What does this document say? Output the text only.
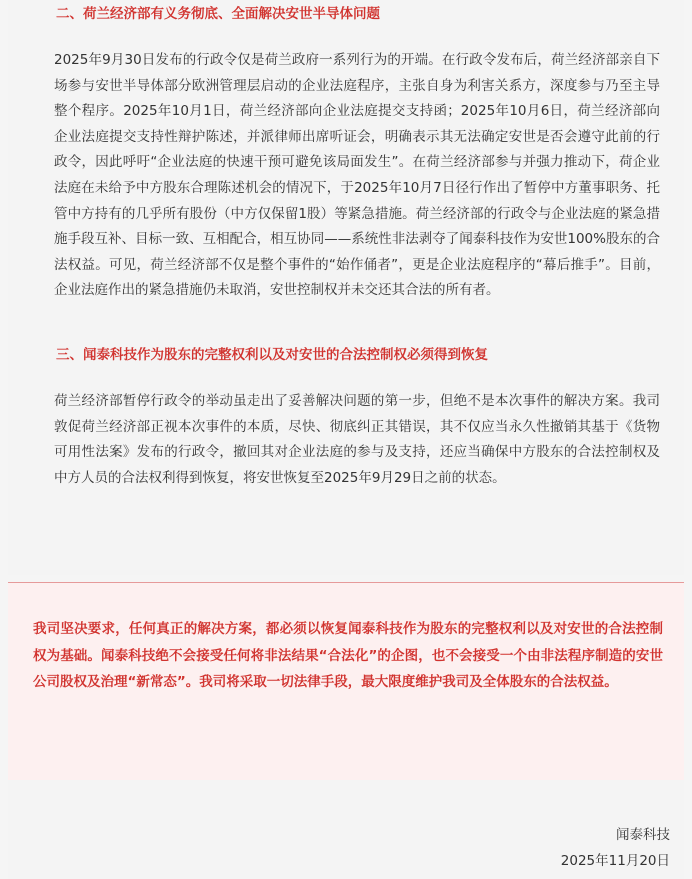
二、荷兰经济部有义务彻底、全面解决安世半导体问题
2025年9月30日发布的行政令仅是荷兰政府一系列行为的开端。在行政令发布后，荷兰经济部亲自下场参与安世半导体部分欧洲管理层启动的企业法庭程序，主张自身为利害关系方，深度参与乃至主导整个程序。2025年10月1日，荷兰经济部向企业法庭提交支持函；2025年10月6日，荷兰经济部向企业法庭提交支持性辩护陈述，并派律师出席听证会，明确表示其无法确定安世是否会遵守此前的行政令，因此呼吁“企业法庭的快速干预可避免该局面发生”。在荷兰经济部参与并强力推动下，荷企业法庭在未给予中方股东合理陈述机会的情况下，于2025年10月7日径行作出了暂停中方董事职务、托管中方持有的几乎所有股份（中方仅保留1股）等紧急措施。荷兰经济部的行政令与企业法庭的紧急措施手段互补、目标一致、互相配合，相互协同——系统性非法剥夺了闻泰科技作为安世100%股东的合法权益。可见，荷兰经济部不仅是整个事件的“始作俑者”，更是企业法庭程序的“幕后推手”。目前，企业法庭作出的紧急措施仍未取消，安世控制权并未交还其合法的所有者。
三、闻泰科技作为股东的完整权利以及对安世的合法控制权必须得到恢复
荷兰经济部暂停行政令的举动虽走出了妥善解决问题的第一步，但绝不是本次事件的解决方案。我司敦促荷兰经济部正视本次事件的本质，尽快、彻底纠正其错误，其不仅应当永久性撤销其基于《货物可用性法案》发布的行政令，撤回其对企业法庭的参与及支持，还应当确保中方股东的合法控制权及中方人员的合法权利得到恢复，将安世恢复至2025年9月29日之前的状态。
我司坚决要求，任何真正的解决方案，都必须以恢复闻泰科技作为股东的完整权利以及对安世的合法控制权为基础。闻泰科技绝不会接受任何将非法结果“合法化”的企图，也不会接受一个由非法程序制造的安世公司股权及治理“新常态”。我司将采取一切法律手段，最大限度维护我司及全体股东的合法权益。
闻泰科技
2025年11月20日
